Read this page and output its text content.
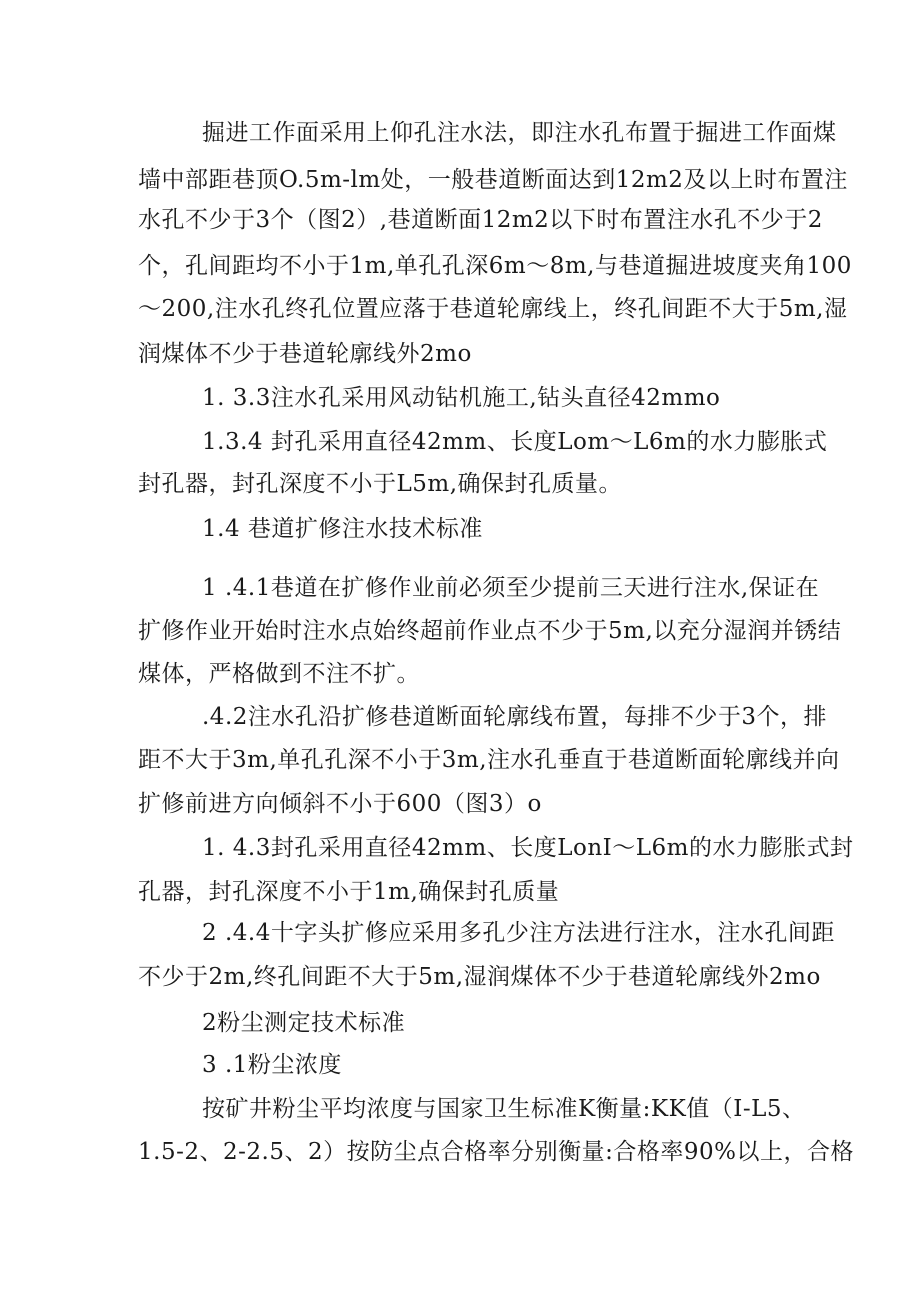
掘进工作面采用上仰孔注水法，即注水孔布置于掘进工作面煤
墙中部距巷顶O.5m-lm处，一般巷道断面达到12m2及以上时布置注
水孔不少于3个（图2）,巷道断面12m2以下时布置注水孔不少于2
个，孔间距均不小于1m,单孔孔深6m～8m,与巷道掘进坡度夹角100
～200,注水孔终孔位置应落于巷道轮廓线上，终孔间距不大于5m,湿
润煤体不少于巷道轮廓线外2mo
1. 3.3注水孔采用风动钻机施工,钻头直径42mmo
1.3.4 封孔采用直径42mm、长度Lom～L6m的水力膨胀式
封孔器，封孔深度不小于L5m,确保封孔质量。
1.4 巷道扩修注水技术标准
1 .4.1巷道在扩修作业前必须至少提前三天进行注水,保证在
扩修作业开始时注水点始终超前作业点不少于5m,以充分湿润并锈结
煤体，严格做到不注不扩。
.4.2注水孔沿扩修巷道断面轮廓线布置，每排不少于3个，排
距不大于3m,单孔孔深不小于3m,注水孔垂直于巷道断面轮廓线并向
扩修前进方向倾斜不小于600（图3）o
1. 4.3封孔采用直径42mm、长度LonI～L6m的水力膨胀式封
孔器，封孔深度不小于1m,确保封孔质量
2 .4.4十字头扩修应采用多孔少注方法进行注水，注水孔间距
不少于2m,终孔间距不大于5m,湿润煤体不少于巷道轮廓线外2mo
2粉尘测定技术标准
3 .1粉尘浓度
按矿井粉尘平均浓度与国家卫生标准K衡量:KK值（I-L5、
1.5-2、2-2.5、2）按防尘点合格率分别衡量:合格率90%以上，合格
